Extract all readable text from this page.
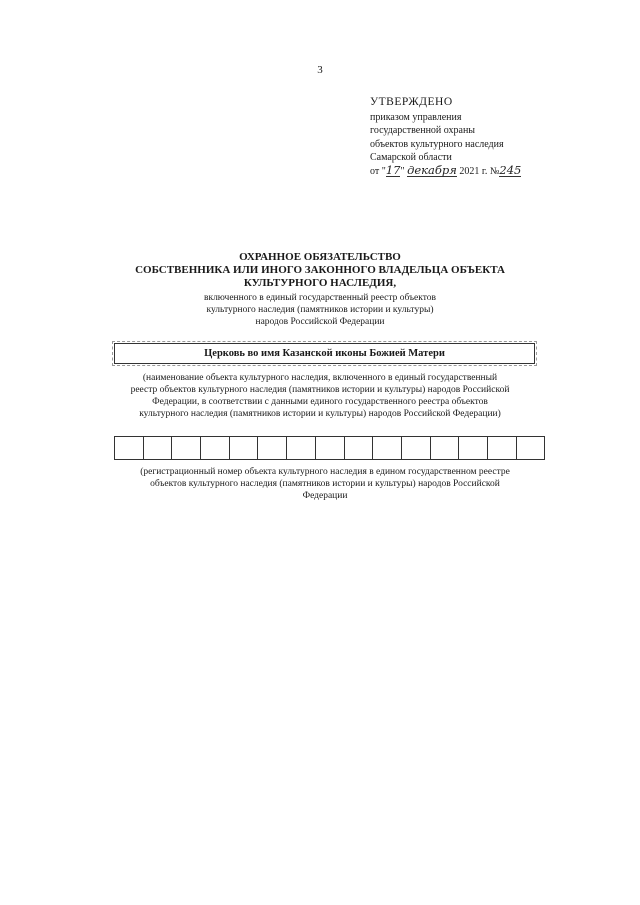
3
УТВЕРЖДЕНО
приказом управления
государственной охраны
объектов культурного наследия
Самарской области
от "17" декабря 2021 г. №245
ОХРАННОЕ ОБЯЗАТЕЛЬСТВО
СОБСТВЕННИКА ИЛИ ИНОГО ЗАКОННОГО ВЛАДЕЛЬЦА ОБЪЕКТА
КУЛЬТУРНОГО НАСЛЕДИЯ,
включенного в единый государственный реестр объектов
культурного наследия (памятников истории и культуры)
народов Российской Федерации
Церковь во имя Казанской иконы Божией Матери
(наименование объекта культурного наследия, включенного в единый государственный
реестр объектов культурного наследия (памятников истории и культуры) народов Российской
Федерации, в соответствии с данными единого государственного реестра объектов
культурного наследия (памятников истории и культуры) народов Российской Федерации)
(регистрационный номер объекта культурного наследия в едином государственном реестре
объектов культурного наследия (памятников истории и культуры) народов Российской
Федерации
